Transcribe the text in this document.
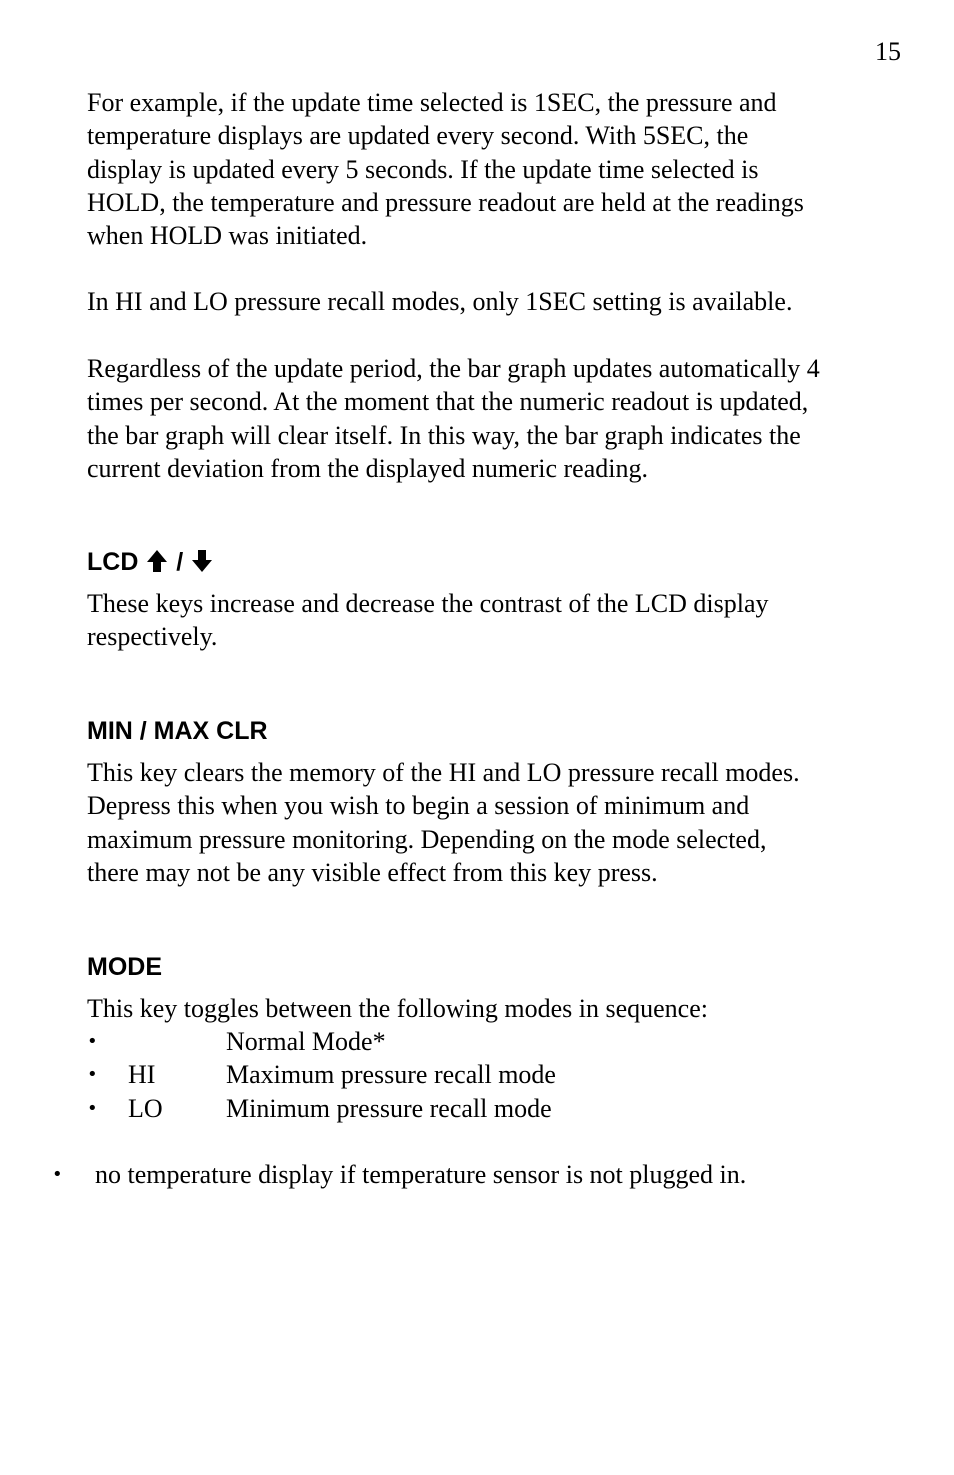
15
For example, if the update time selected is 1SEC, the pressure and
temperature displays are updated every second. With 5SEC, the
display is updated every 5 seconds. If the update time selected is
HOLD, the temperature and pressure readout are held at the readings
when HOLD was initiated.
In HI and LO pressure recall modes, only 1SEC setting is available.
Regardless of the update period, the bar graph updates automatically 4
times per second. At the moment that the numeric readout is updated,
the bar graph will clear itself. In this way, the bar graph indicates the
current deviation from the displayed numeric reading.
LCD /
These keys increase and decrease the contrast of the LCD display
respectively.
MIN / MAX CLR
This key clears the memory of the HI and LO pressure recall modes.
Depress this when you wish to begin a session of minimum and
maximum pressure monitoring. Depending on the mode selected,
there may not be any visible effect from this key press.
MODE
This key toggles between the following modes in sequence:
•	Normal Mode*
• HI	Maximum pressure recall mode
• LO Minimum pressure recall mode
• no temperature display if temperature sensor is not plugged in.
